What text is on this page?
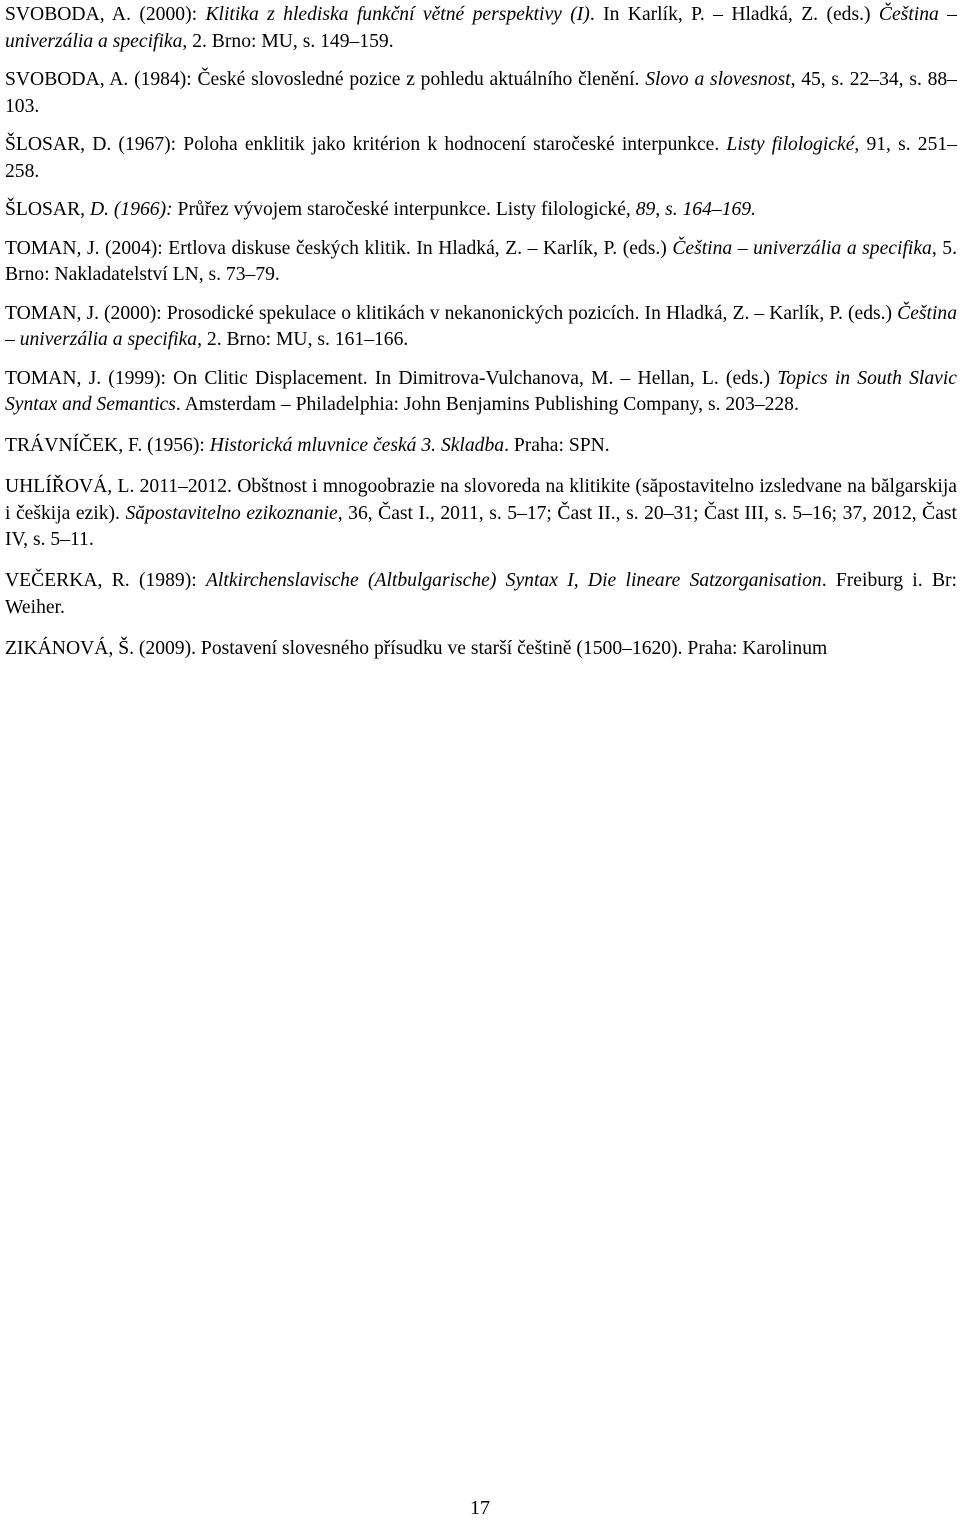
SVOBODA, A. (2000): Klitika z hlediska funkční větné perspektivy (I). In Karlík, P. – Hladká, Z. (eds.) Čeština – univerzália a specifika, 2. Brno: MU, s. 149–159.

SVOBODA, A. (1984): České slovosledné pozice z pohledu aktuálního členění. Slovo a slovesnost, 45, s. 22–34, s. 88–103.

ŠLOSAR, D. (1967): Poloha enklitik jako kritérion k hodnocení staročeské interpunkce. Listy filologické, 91, s. 251–258.

ŠLOSAR, D. (1966): Průřez vývojem staročeské interpunkce. Listy filologické, 89, s. 164–169.

TOMAN, J. (2004): Ertlova diskuse českých klitik. In Hladká, Z. – Karlík, P. (eds.) Čeština – univerzália a specifika, 5. Brno: Nakladatelství LN, s. 73–79.

TOMAN, J. (2000): Prosodické spekulace o klitikách v nekanonických pozicích. In Hladká, Z. – Karlík, P. (eds.) Čeština – univerzália a specifika, 2. Brno: MU, s. 161–166.

TOMAN, J. (1999): On Clitic Displacement. In Dimitrova-Vulchanova, M. – Hellan, L. (eds.) Topics in South Slavic Syntax and Semantics. Amsterdam – Philadelphia: John Benjamins Publishing Company, s. 203–228.

TRÁVNÍČEK, F. (1956): Historická mluvnice česká 3. Skladba. Praha: SPN.

UHLÍŘOVÁ, L. 2011–2012. Obštnost i mnogoobrazie na slovoreda na klitikite (săpostavitelno izsledvane na bălgarskija i češkija ezik). Săpostavitelno ezikoznanie, 36, Čast I., 2011, s. 5–17; Čast II., s. 20–31; Čast III, s. 5–16; 37, 2012, Čast IV, s. 5–11.

VEČERKA, R. (1989): Altkirchenslavische (Altbulgarische) Syntax I, Die lineare Satzorganisation. Freiburg i. Br: Weiher.

ZIKÁNOVÁ, Š. (2009). Postavení slovesného přísudku ve starší češtině (1500–1620). Praha: Karolinum

17
